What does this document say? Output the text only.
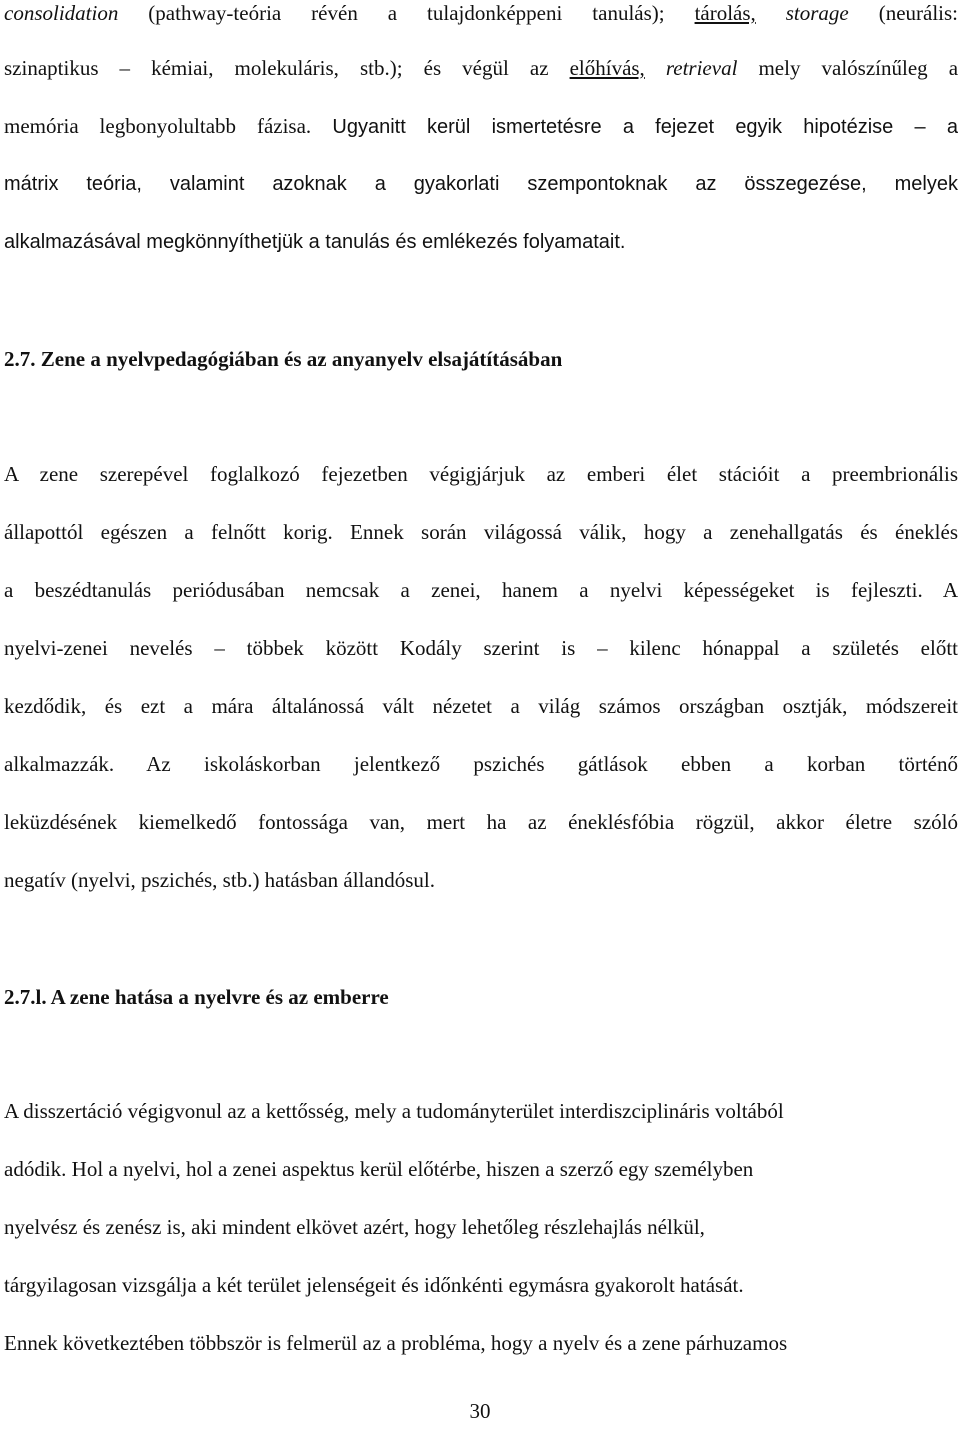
consolidation (pathway-teória révén a tulajdonképpeni tanulás); tárolás, storage (neurális:
szinaptikus – kémiai, molekuláris, stb.); és végül az előhívás, retrieval mely valószínűleg a
memória legbonyolultabb fázisa. Ugyanitt kerül ismertetésre a fejezet egyik hipotézise – a
mátrix teória, valamint azoknak a gyakorlati szempontoknak az összegezése, melyek
alkalmazásával megkönnyíthetjük a tanulás és emlékezés folyamatait.
2.7. Zene a nyelvpedagógiában és az anyanyelv elsajátításában
A zene szerepével foglalkozó fejezetben végigjárjuk az emberi élet stációit a preembrionális
állapottól egészen a felnőtt korig. Ennek során világossá válik, hogy a zenehallgatás és éneklés
a beszédtanulás periódusában nemcsak a zenei, hanem a nyelvi képességeket is fejleszti. A
nyelvi-zenei nevelés – többek között Kodály szerint is – kilenc hónappal a születés előtt
kezdődik, és ezt a mára általánossá vált nézetet a világ számos országban osztják, módszereit
alkalmazzák. Az iskoláskorban jelentkező pszichés gátlások ebben a korban történő
leküzdésének kiemelkedő fontossága van, mert ha az éneklésfóbia rögzül, akkor életre szóló
negatív (nyelvi, pszichés, stb.) hatásban állandósul.
2.7.l. A zene hatása a nyelvre és az emberre
A disszertáció végigvonul az a kettősség, mely a tudományterület interdiszciplináris voltából
adódik. Hol a nyelvi, hol a zenei aspektus kerül előtérbe, hiszen a szerző egy személyben
nyelvész és zenész is, aki mindent elkövet azért, hogy lehetőleg részlehajlás nélkül,
tárgyilagosan vizsgálja a két terület jelenségeit és időnkénti egymásra gyakorolt hatását.
Ennek következtében többször is felmerül az a probléma, hogy a nyelv és a zene párhuzamos
30
